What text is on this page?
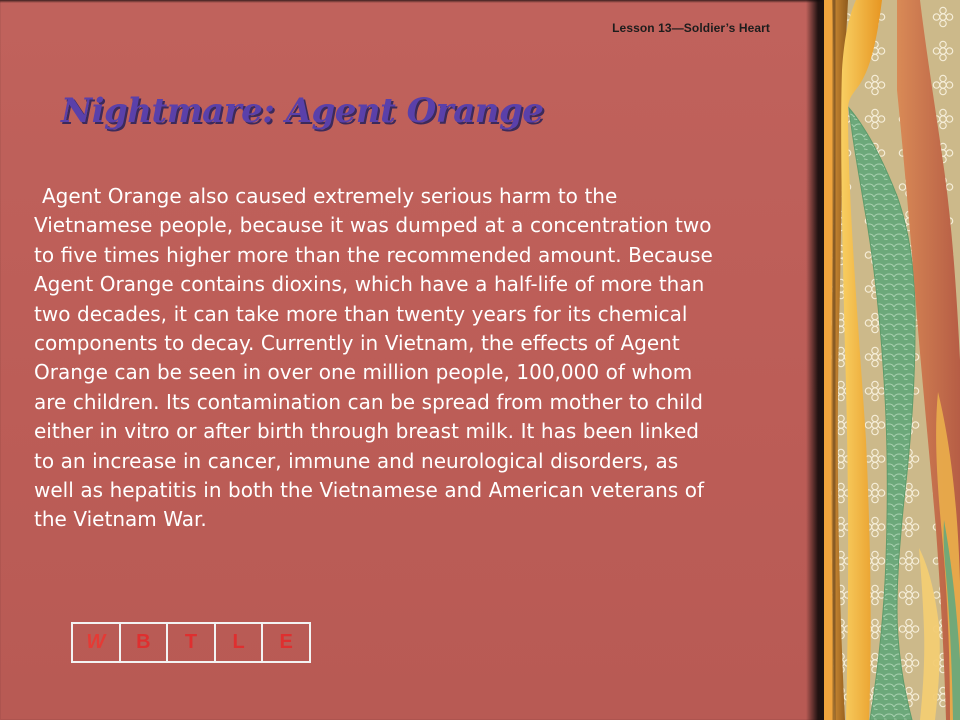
Lesson 13—Soldier’s Heart
Nightmare: Agent Orange

Agent Orange also caused extremely serious harm to the Vietnamese people, because it was dumped at a concentration two to five times higher more than the recommended amount. Because Agent Orange contains dioxins, which have a half-life of more than two decades, it can take more than twenty years for its chemical components to decay. Currently in Vietnam, the effects of Agent Orange can be seen in over one million people, 100,000 of whom are children. Its contamination can be spread from mother to child either in vitro or after birth through breast milk. It has been linked to an increase in cancer, immune and neurological disorders, as well as hepatitis in both the Vietnamese and American veterans of the Vietnam War.

W	B	T	L	E
